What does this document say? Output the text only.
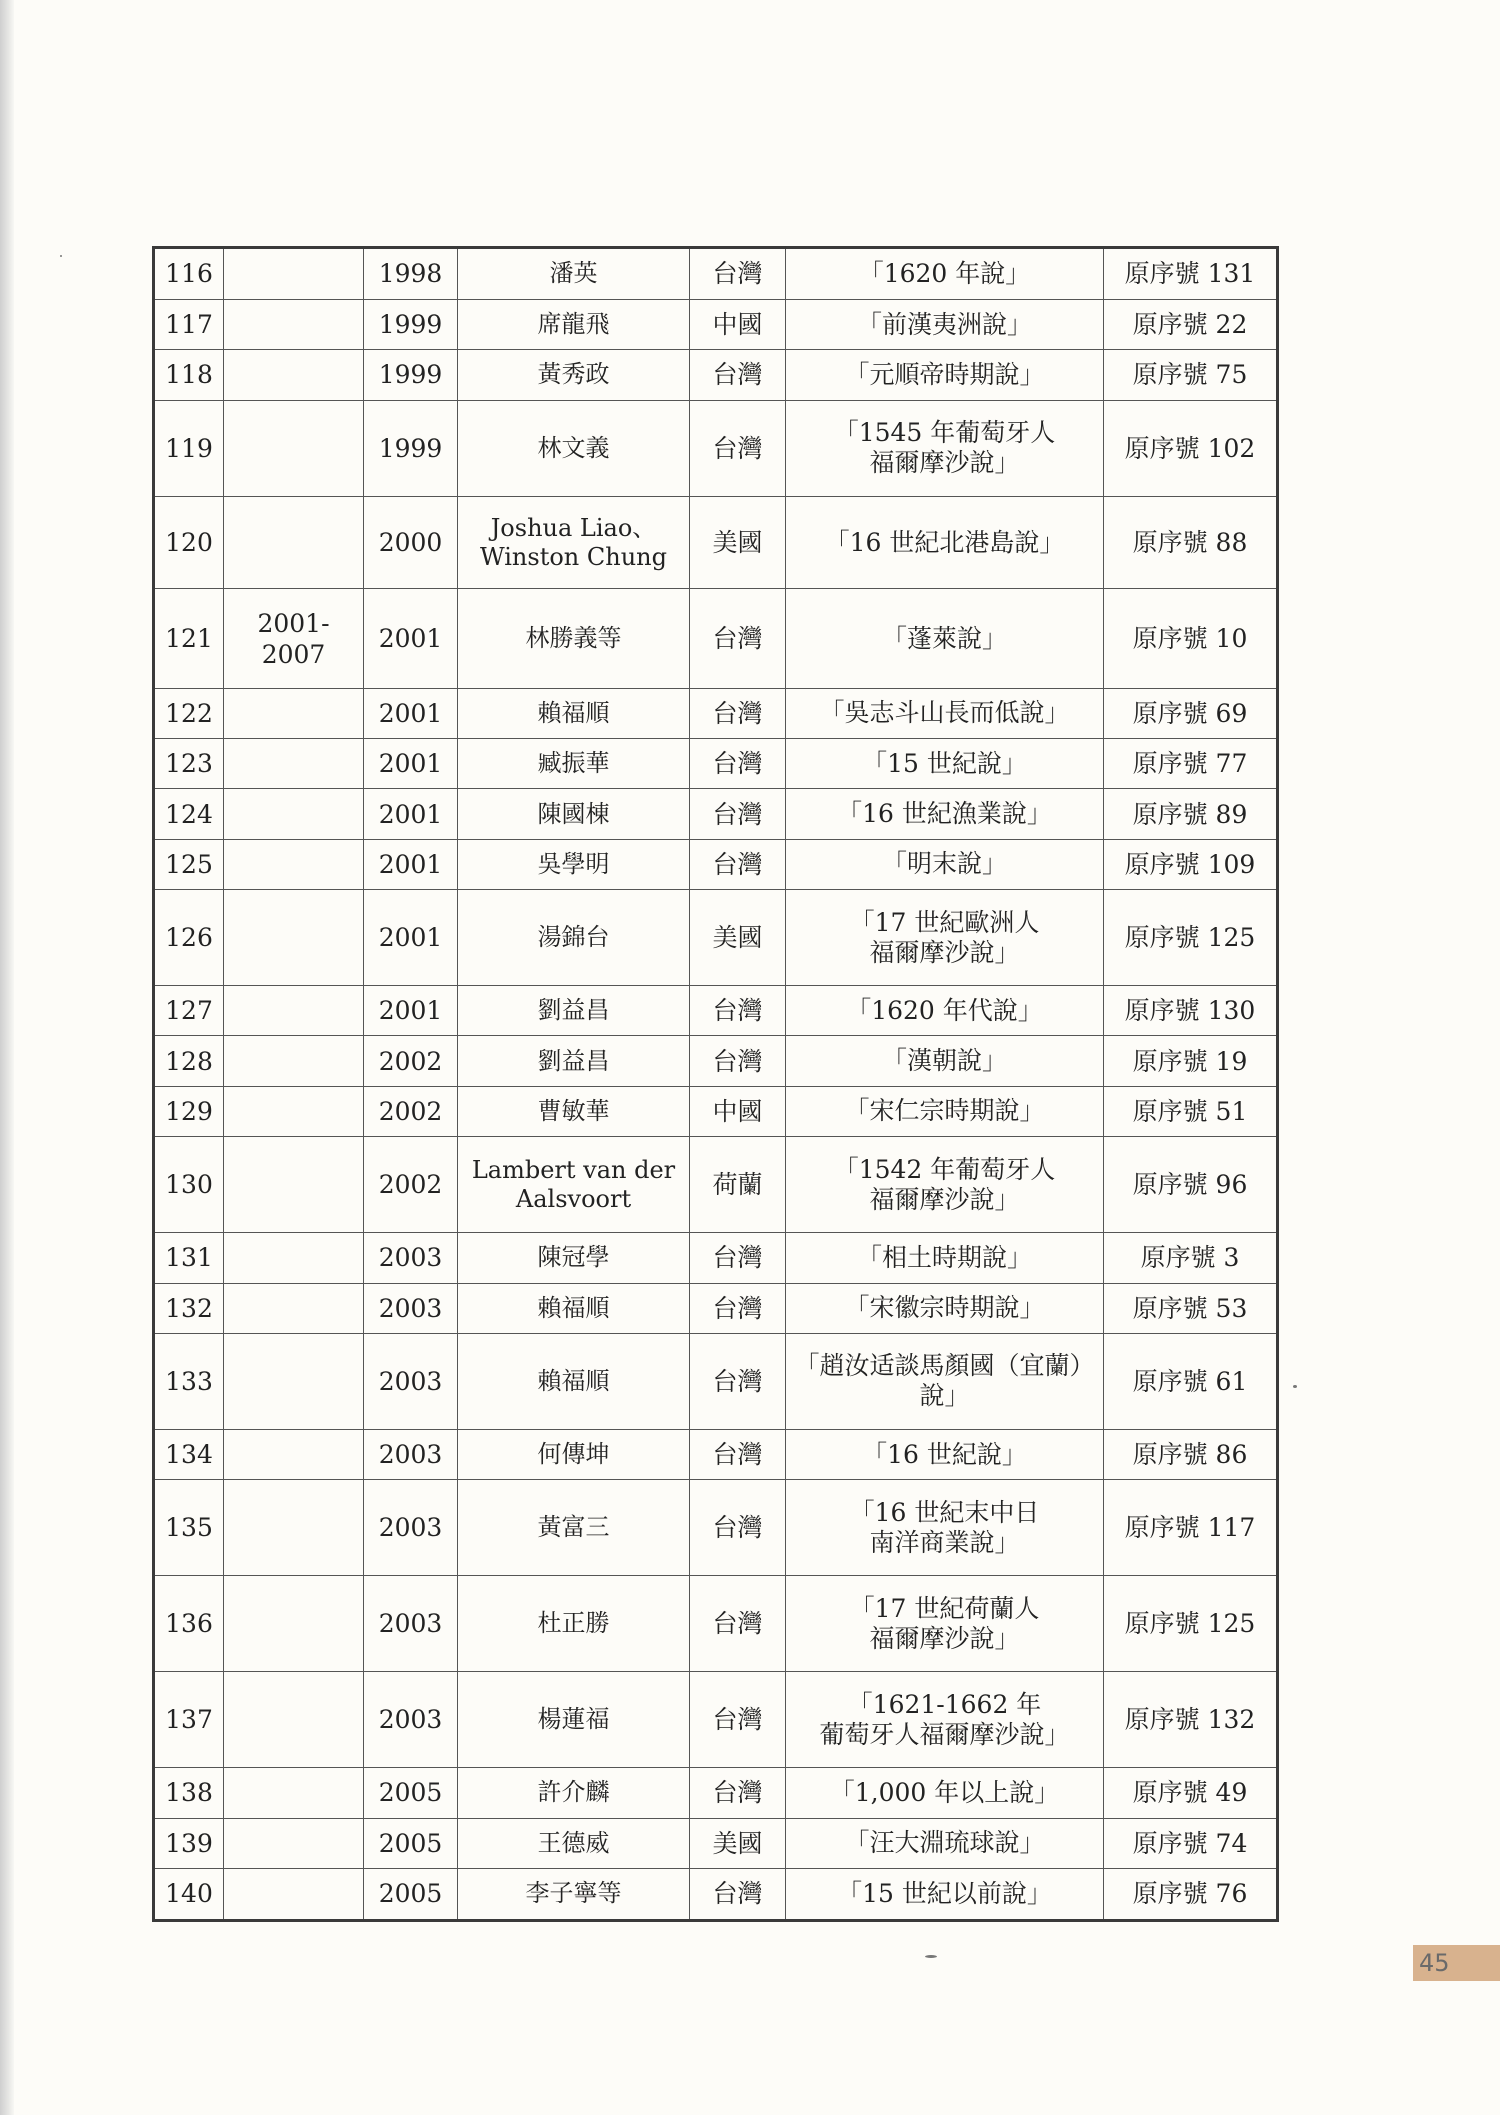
116		1998	潘英	台灣	「1620 年說」	原序號 131
117		1999	席龍飛	中國	「前漢夷洲說」	原序號 22
118		1999	黃秀政	台灣	「元順帝時期說」	原序號 75
119		1999	林文義	台灣	「1545 年葡萄牙人
福爾摩沙說」	原序號 102
120		2000	Joshua Liao、
Winston Chung	美國	「16 世紀北港島說」	原序號 88
121	2001-2007	2001	林勝義等	台灣	「蓬萊說」	原序號 10
122		2001	賴福順	台灣	「吳志斗山長而低說」	原序號 69
123		2001	臧振華	台灣	「15 世紀說」	原序號 77
124		2001	陳國棟	台灣	「16 世紀漁業說」	原序號 89
125		2001	吳學明	台灣	「明末說」	原序號 109
126		2001	湯錦台	美國	「17 世紀歐洲人
福爾摩沙說」	原序號 125
127		2001	劉益昌	台灣	「1620 年代說」	原序號 130
128		2002	劉益昌	台灣	「漢朝說」	原序號 19
129		2002	曹敏華	中國	「宋仁宗時期說」	原序號 51
130		2002	Lambert van der
Aalsvoort	荷蘭	「1542 年葡萄牙人
福爾摩沙說」	原序號 96
131		2003	陳冠學	台灣	「相土時期說」	原序號 3
132		2003	賴福順	台灣	「宋徽宗時期說」	原序號 53
133		2003	賴福順	台灣	「趙汝适談馬顏國（宜蘭）
說」	原序號 61
134		2003	何傳坤	台灣	「16 世紀說」	原序號 86
135		2003	黃富三	台灣	「16 世紀末中日
南洋商業說」	原序號 117
136		2003	杜正勝	台灣	「17 世紀荷蘭人
福爾摩沙說」	原序號 125
137		2003	楊蓮福	台灣	「1621-1662 年
葡萄牙人福爾摩沙說」	原序號 132
138		2005	許介麟	台灣	「1,000 年以上說」	原序號 49
139		2005	王德威	美國	「汪大淵琉球說」	原序號 74
140		2005	李子寧等	台灣	「15 世紀以前說」	原序號 76
45
